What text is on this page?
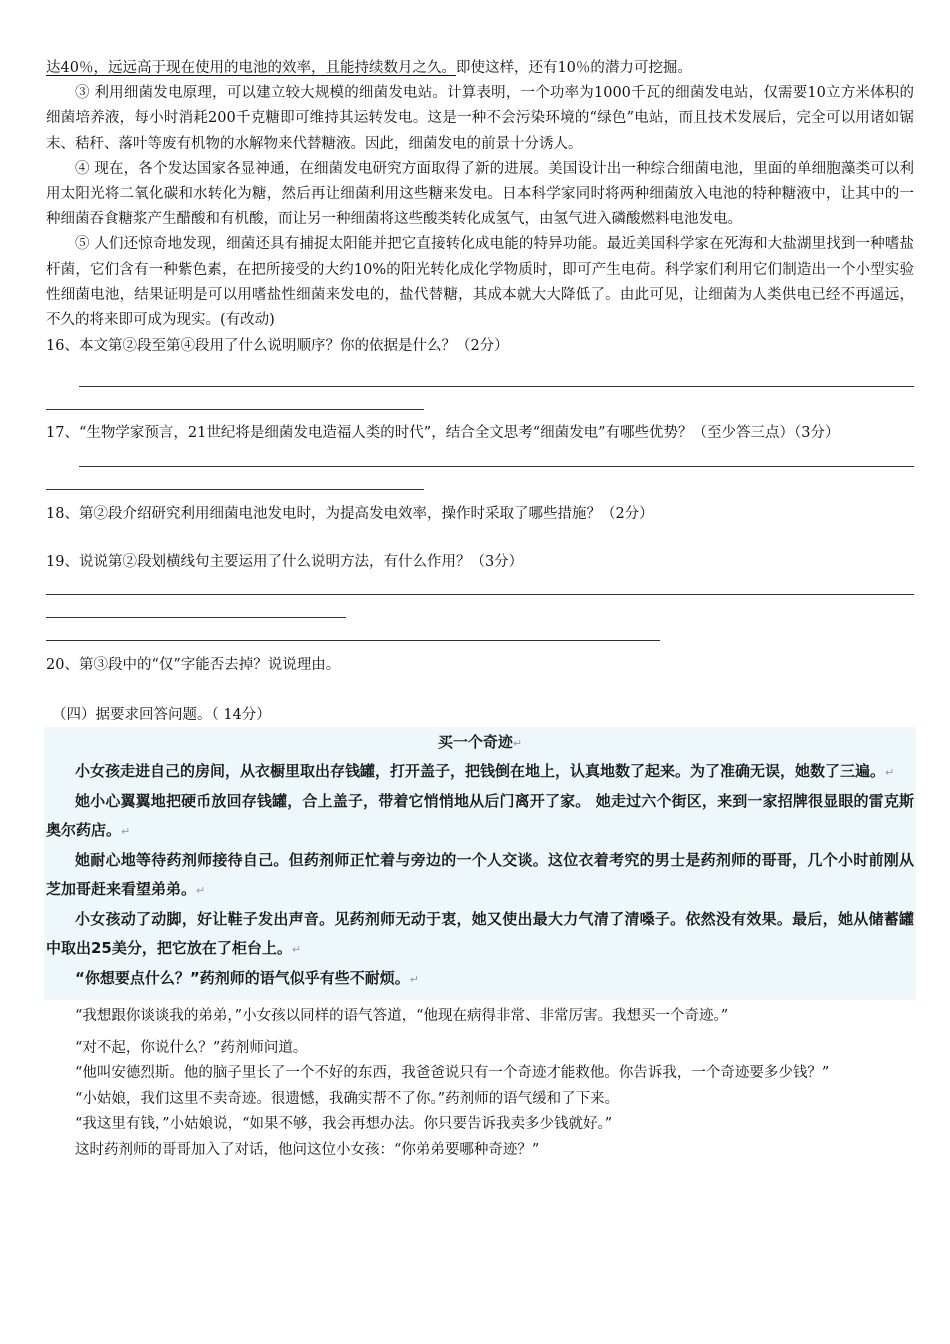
达40％，远远高于现在使用的电池的效率，且能持续数月之久。即使这样，还有10％的潜力可挖掘。

③ 利用细菌发电原理，可以建立较大规模的细菌发电站。计算表明，一个功率为1000千瓦的细菌发电站，仅需要10立方米体积的细菌培养液，每小时消耗200千克糖即可维持其运转发电。这是一种不会污染环境的“绿色”电站，而且技术发展后，完全可以用诸如锯末、秸秆、落叶等废有机物的水解物来代替糖液。因此，细菌发电的前景十分诱人。

④ 现在，各个发达国家各显神通，在细菌发电研究方面取得了新的进展。美国设计出一种综合细菌电池，里面的单细胞藻类可以利用太阳光将二氧化碳和水转化为糖，然后再让细菌利用这些糖来发电。日本科学家同时将两种细菌放入电池的特种糖液中，让其中的一种细菌吞食糖浆产生醋酸和有机酸，而让另一种细菌将这些酸类转化成氢气，由氢气进入磷酸燃料电池发电。

⑤ 人们还惊奇地发现，细菌还具有捕捉太阳能并把它直接转化成电能的特异功能。最近美国科学家在死海和大盐湖里找到一种嗜盐杆菌，它们含有一种紫色素，在把所接受的大约10%的阳光转化成化学物质时，即可产生电荷。科学家们利用它们制造出一个小型实验性细菌电池，结果证明是可以用嗜盐性细菌来发电的，盐代替糖，其成本就大大降低了。由此可见，让细菌为人类供电已经不再遥远，不久的将来即可成为现实。(有改动)

16、本文第②段至第④段用了什么说明顺序？你的依据是什么？（2分）

17、“生物学家预言，21世纪将是细菌发电造福人类的时代”，结合全文思考“细菌发电”有哪些优势？（至少答三点）（3分）

18、第②段介绍研究利用细菌电池发电时，为提高发电效率，操作时采取了哪些措施？（2分）

19、说说第②段划横线句主要运用了什么说明方法，有什么作用？（3分）

20、第③段中的“仅”字能否去掉？说说理由。

（四）据要求回答问题。（ 14分）

买一个奇迹↵

小女孩走进自己的房间，从衣橱里取出存钱罐，打开盖子，把钱倒在地上，认真地数了起来。为了准确无误，她数了三遍。↵

她小心翼翼地把硬币放回存钱罐，合上盖子，带着它悄悄地从后门离开了家。 她走过六个街区，来到一家招牌很显眼的雷克斯奥尔药店。↵

她耐心地等待药剂师接待自己。但药剂师正忙着与旁边的一个人交谈。这位衣着考究的男士是药剂师的哥哥，几个小时前刚从芝加哥赶来看望弟弟。↵

小女孩动了动脚，好让鞋子发出声音。见药剂师无动于衷，她又使出最大力气清了清嗓子。依然没有效果。最后，她从储蓄罐中取出25美分，把它放在了柜台上。↵

“你想要点什么？”药剂师的语气似乎有些不耐烦。↵

“我想跟你谈谈我的弟弟，”小女孩以同样的语气答道，“他现在病得非常、非常厉害。我想买一个奇迹。”

“对不起，你说什么？”药剂师问道。

“他叫安德烈斯。他的脑子里长了一个不好的东西，我爸爸说只有一个奇迹才能救他。你告诉我，一个奇迹要多少钱？”

“小姑娘，我们这里不卖奇迹。很遗憾，我确实帮不了你。”药剂师的语气缓和了下来。

“我这里有钱，”小姑娘说，“如果不够，我会再想办法。你只要告诉我卖多少钱就好。”

这时药剂师的哥哥加入了对话，他问这位小女孩：“你弟弟要哪种奇迹？”
